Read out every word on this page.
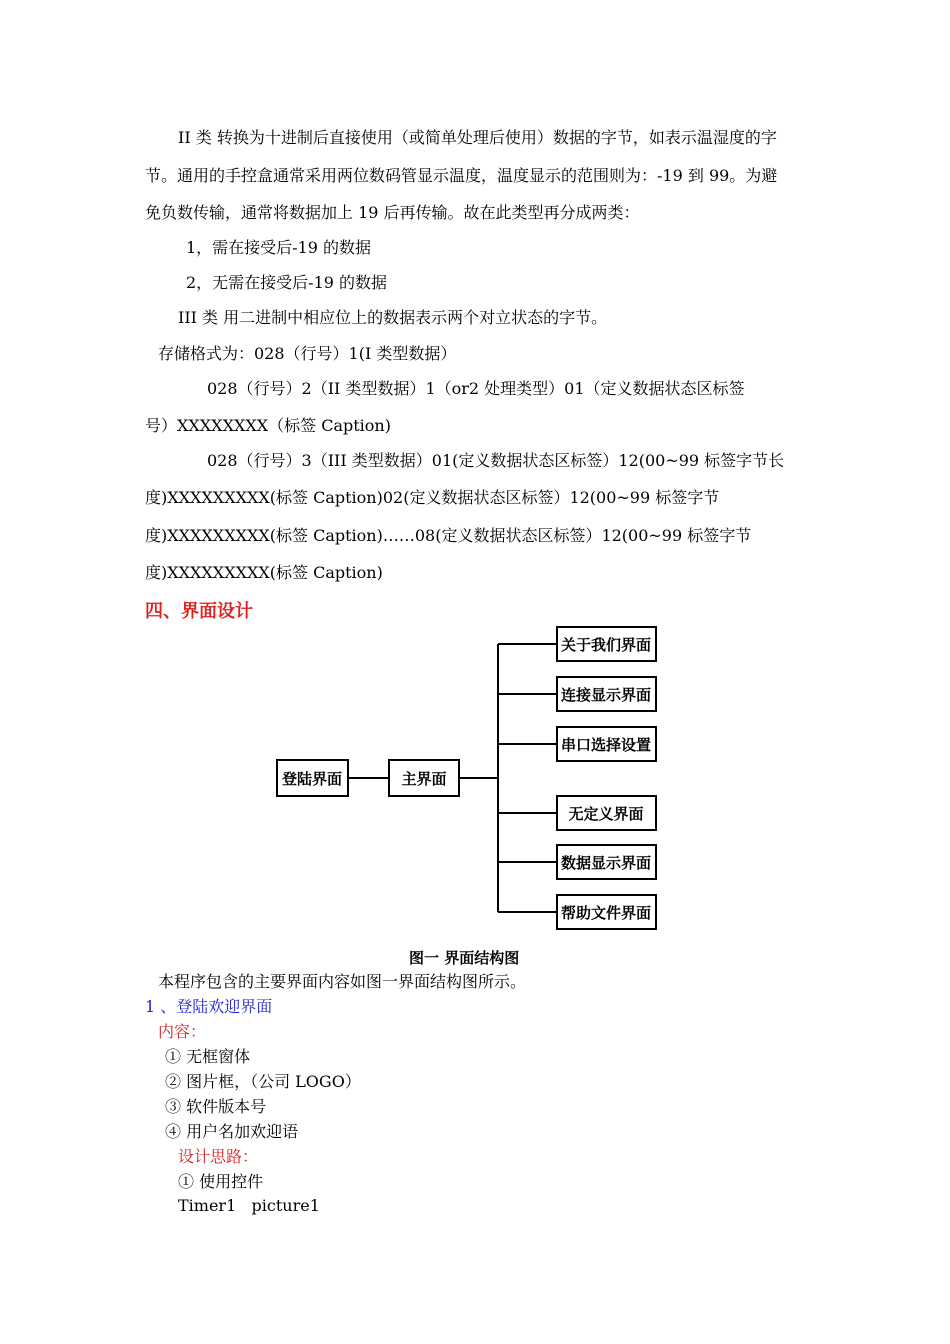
II 类 转换为十进制后直接使用（或简单处理后使用）数据的字节，如表示温湿度的字
节。通用的手控盒通常采用两位数码管显示温度，温度显示的范围则为：-19 到 99。为避
免负数传输，通常将数据加上 19 后再传输。故在此类型再分成两类：
1，需在接受后-19 的数据
2，无需在接受后-19 的数据
III 类 用二进制中相应位上的数据表示两个对立状态的字节。
存储格式为：028（行号）1(I 类型数据）
028（行号）2（II 类型数据）1（or2 处理类型）01（定义数据状态区标签
号）XXXXXXXX（标签 Caption)
028（行号）3（III 类型数据）01(定义数据状态区标签）12(00~99 标签字节长
度)XXXXXXXXX(标签 Caption)02(定义数据状态区标签）12(00~99 标签字节
度)XXXXXXXXX(标签 Caption)……08(定义数据状态区标签）12(00~99 标签字节
度)XXXXXXXXX(标签 Caption)
四、界面设计
登陆界面	主界面
关于我们界面
连接显示界面
串口选择设置
无定义界面
数据显示界面
帮助文件界面
图一 界面结构图
本程序包含的主要界面内容如图一界面结构图所示。
1 、登陆欢迎界面
内容：
① 无框窗体
② 图片框，（公司 LOGO）
③ 软件版本号
④ 用户名加欢迎语
设计思路：
① 使用控件
Timer1   picture1
